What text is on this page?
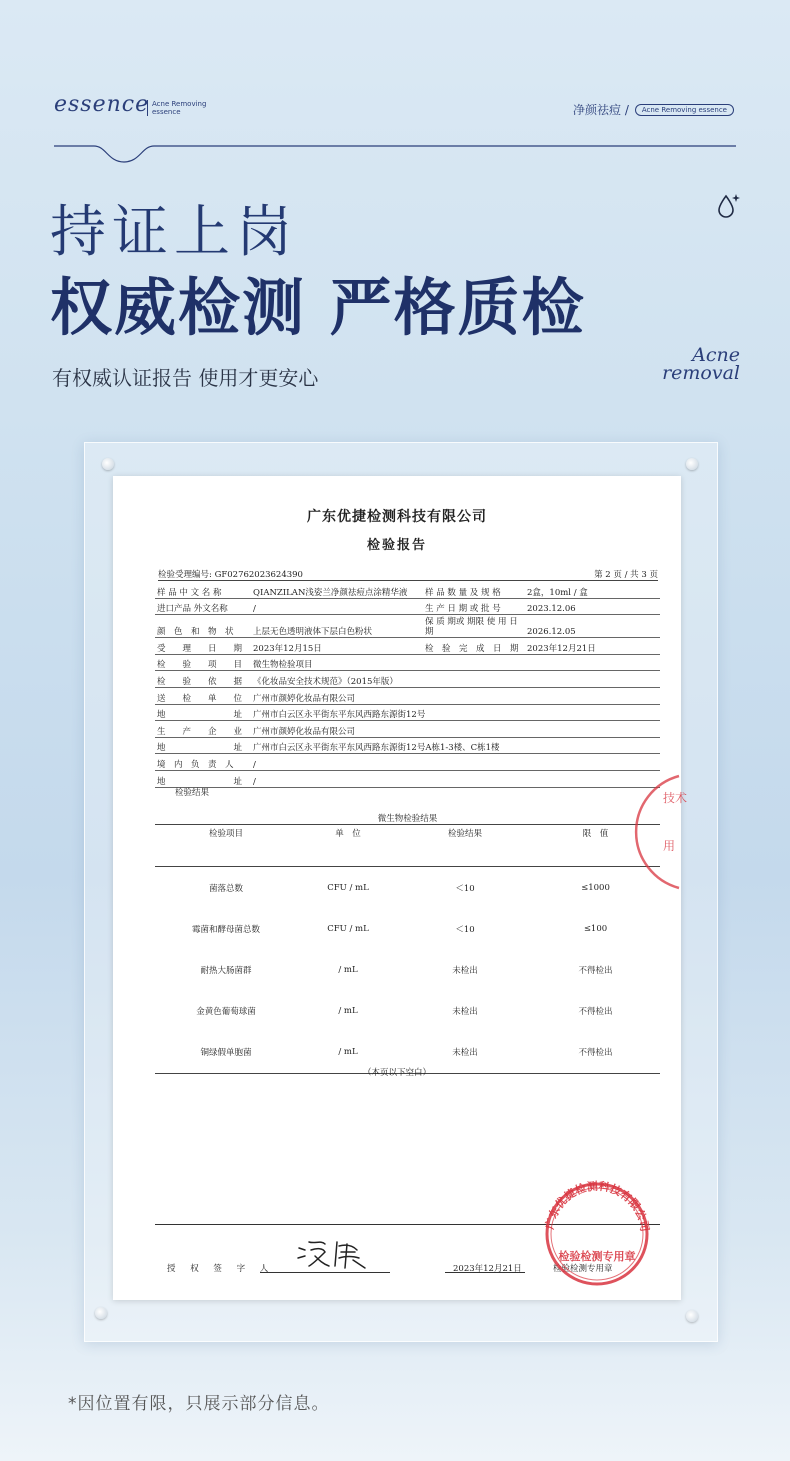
essence Acne Removing
essence	净颜祛痘 /	Acne Removing essence
持证上岗
权威检测 严格质检
有权威认证报告 使用才更安心
Acne
removal
广东优捷检测科技有限公司
检验报告
检验受理编号: GF02762023624390	第 2 页 / 共 3 页
样 品 中 文 名 称	QIANZILAN浅姿兰净颜祛痘点涂精华液	样 品 数 量 及 规 格	2盒，10ml / 盒
进口产品 外文名称	/	生 产 日 期 或 批 号	2023.12.06
颜　色　和　物　状	上层无色透明液体下层白色粉状	保 质 期或 期限 使 用 日　　　　　　　期	2026.12.05
受　　理　　日　　期	2023年12月15日	检　验　完　成　日　期	2023年12月21日
检　　验　　项　　目	微生物检验项目		
检　　验　　依　　据	《化妆品安全技术规范》（2015年版）		
送　　检　　单　　位	广州市颜婷化妆品有限公司		
地　　　　　　　　址	广州市白云区永平街东平东风西路东源街12号		
生　　产　　企　　业	广州市颜婷化妆品有限公司		
地　　　　　　　　址	广州市白云区永平街东平东风西路东源街12号A栋1-3楼、C栋1楼		
境　内　负　责　人	/		
地　　　　　　　　址	/		
检验结果
微生物检验结果
检验项目	单　位	检验结果	限　值
菌落总数	CFU / mL	＜10	≤1000
霉菌和酵母菌总数	CFU / mL	＜10	≤100
耐热大肠菌群	/ mL	未检出	不得检出
金黄色葡萄球菌	/ mL	未检出	不得检出
铜绿假单胞菌	/ mL	未检出	不得检出
（本页以下空白）
授 权 签 字 人	2023年12月21日	检验检测专用章
广东优捷检测科技有限公司
检验检测专用章
技术
用
*因位置有限，只展示部分信息。
